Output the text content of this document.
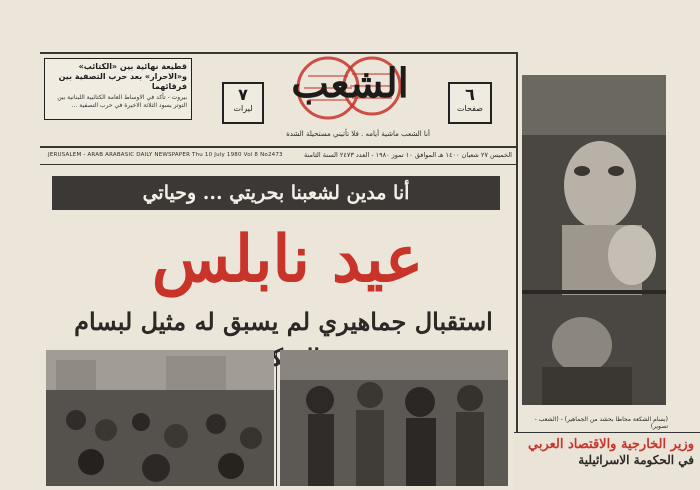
قطيعة نهائية بين «الكتائب» و«الاحرار» بعد حرب التصفية بين فرقائهما
بيروت - تأكد في الاوساط العامة الكتائبية اللبنانية بين التوتر يسود الثلاثة الاخيرة في حرب التصفية ...
٧
ليرات
الشعب
أنا الشعب ماشية أيامه . فلا تأتيني مستحيلة الشدة
٦
صفحات
JERUSALEM - ARAB ARABASIC DAILY NEWSPAPER Thu 10 July 1980 Vol 8 No2473	الخميس ٢٧ شعبان ١٤٠٠ هـ الموافق ١٠ تموز ١٩٨٠ - العدد ٢٤٧٣ السنة الثامنة
أنا مدين لشعبنا بحريتي ... وحياتي
عيد نابلس
استقبال جماهيري لم يسبق له مثيل لبسام
(بسام الشكعة محاطا بحشد من الجماهير) - (الشعب - تصوير)
وزير الخارجية والاقتصاد العربي
في الحكومة الاسرائيلية
